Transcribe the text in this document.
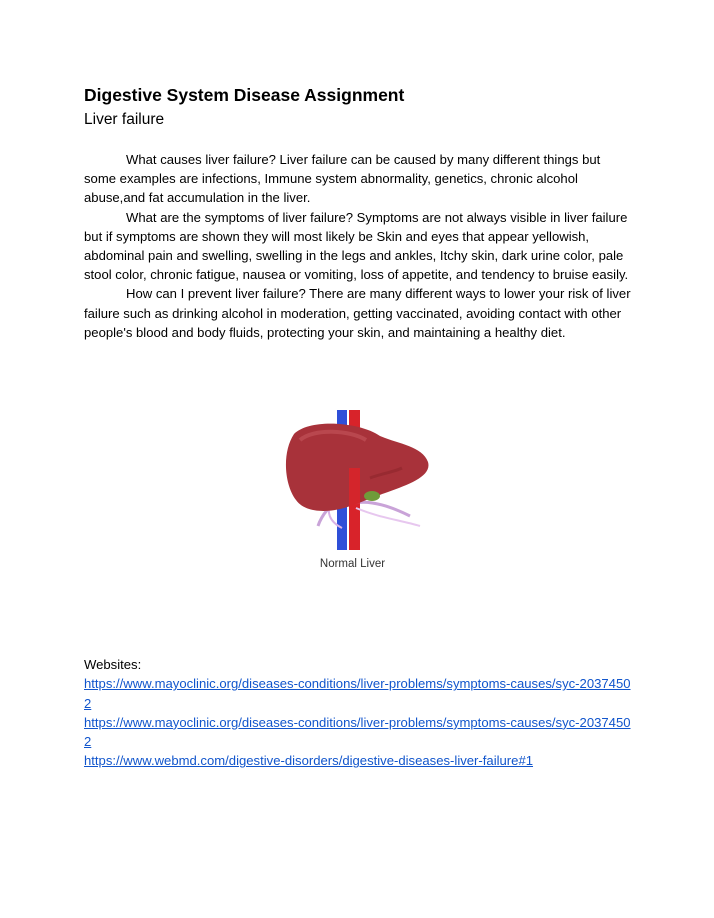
Digestive System Disease Assignment
Liver failure

What causes liver failure? Liver failure can be caused by many different things but some examples are infections, Immune system abnormality, genetics, chronic alcohol abuse,and fat accumulation in the liver.

What are the symptoms of liver failure? Symptoms are not always visible in liver failure but if symptoms are shown they will most likely be Skin and eyes that appear yellowish, abdominal pain and swelling, swelling in the legs and ankles, Itchy skin, dark urine color, pale stool color, chronic fatigue, nausea or vomiting, loss of appetite, and tendency to bruise easily.

How can I prevent liver failure? There are many different ways to lower your risk of liver failure such as drinking alcohol in moderation, getting vaccinated, avoiding contact with other people's blood and body fluids, protecting your skin, and maintaining a healthy diet.

Normal Liver

Websites:

https://www.mayoclinic.org/diseases-conditions/liver-problems/symptoms-causes/syc-20374502
https://www.mayoclinic.org/diseases-conditions/liver-problems/symptoms-causes/syc-20374502
https://www.webmd.com/digestive-disorders/digestive-diseases-liver-failure#1
